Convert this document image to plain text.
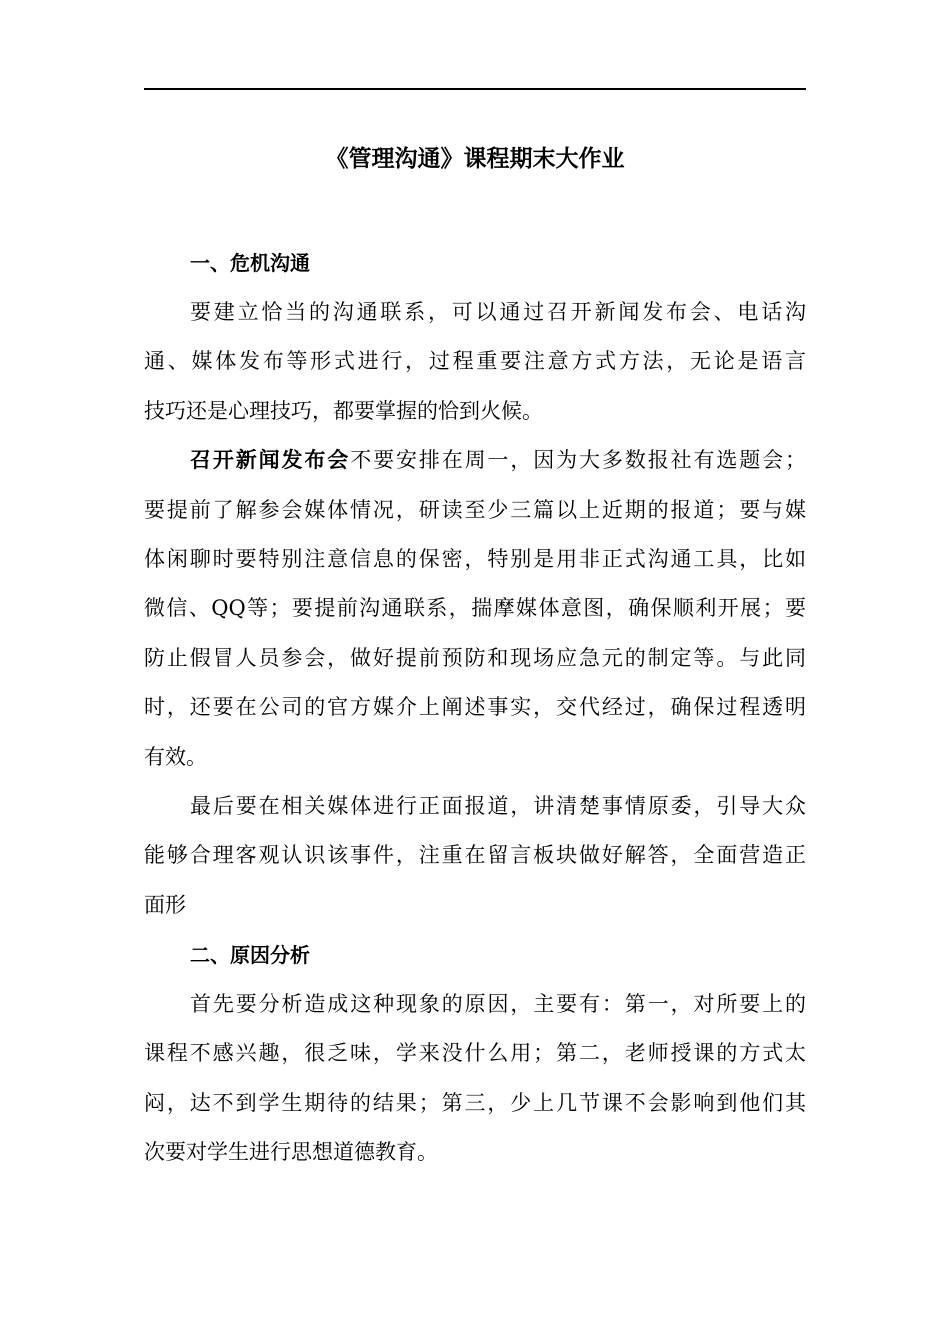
《管理沟通》课程期末大作业
一、危机沟通
要建立恰当的沟通联系，可以通过召开新闻发布会、电话沟
通、媒体发布等形式进行，过程重要注意方式方法，无论是语言
技巧还是心理技巧，都要掌握的恰到火候。
召开新闻发布会不要安排在周一，因为大多数报社有选题会；
要提前了解参会媒体情况，研读至少三篇以上近期的报道；要与媒
体闲聊时要特别注意信息的保密，特别是用非正式沟通工具，比如
微信、QQ等；要提前沟通联系，揣摩媒体意图，确保顺利开展；要
防止假冒人员参会，做好提前预防和现场应急元的制定等。与此同
时，还要在公司的官方媒介上阐述事实，交代经过，确保过程透明
有效。
最后要在相关媒体进行正面报道，讲清楚事情原委，引导大众
能够合理客观认识该事件，注重在留言板块做好解答，全面营造正
面形
二、原因分析
首先要分析造成这种现象的原因，主要有：第一，对所要上的
课程不感兴趣，很乏味，学来没什么用；第二，老师授课的方式太
闷，达不到学生期待的结果；第三，少上几节课不会影响到他们其
次要对学生进行思想道德教育。
